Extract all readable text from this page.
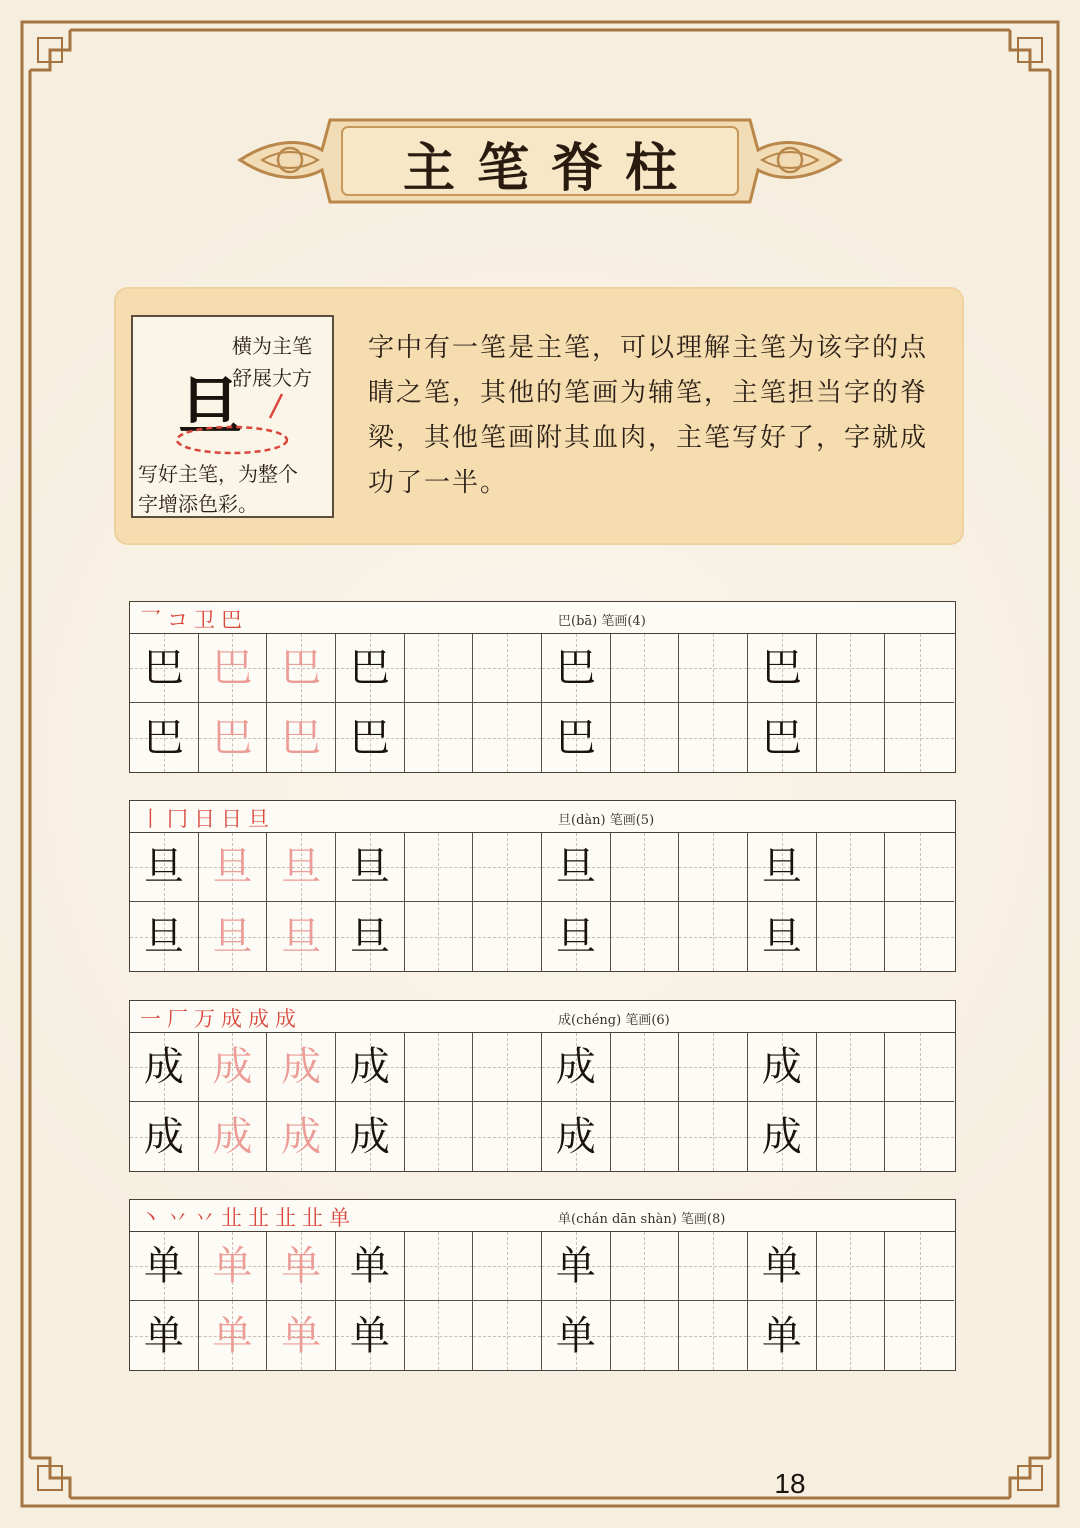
主笔脊柱
横为主笔
舒展大方
旦
写好主笔，为整个
字增添色彩。
字中有一笔是主笔，可以理解主笔为该字的点睛之笔，其他的笔画为辅笔，主笔担当字的脊梁，其他笔画附其血肉，主笔写好了，字就成功了一半。
乛 コ 卫 巴	巴(bā) 笔画(4)
巴 巴 巴 巴	巴	巴
巴 巴 巴 巴	巴	巴
丨 冂 日 日 旦	旦(dàn) 笔画(5)
旦 旦 旦 旦	旦	旦
旦 旦 旦 旦	旦	旦
一 厂 万 成 成 成	成(chéng) 笔画(6)
成 成 成 成	成	成
成 成 成 成	成	成
丶 丷 丷 㐀 㐀 㐀 㐀 单	单(chán dān shàn) 笔画(8)
单 单 单 单	单	单
单 单 单 单	单	单
18
